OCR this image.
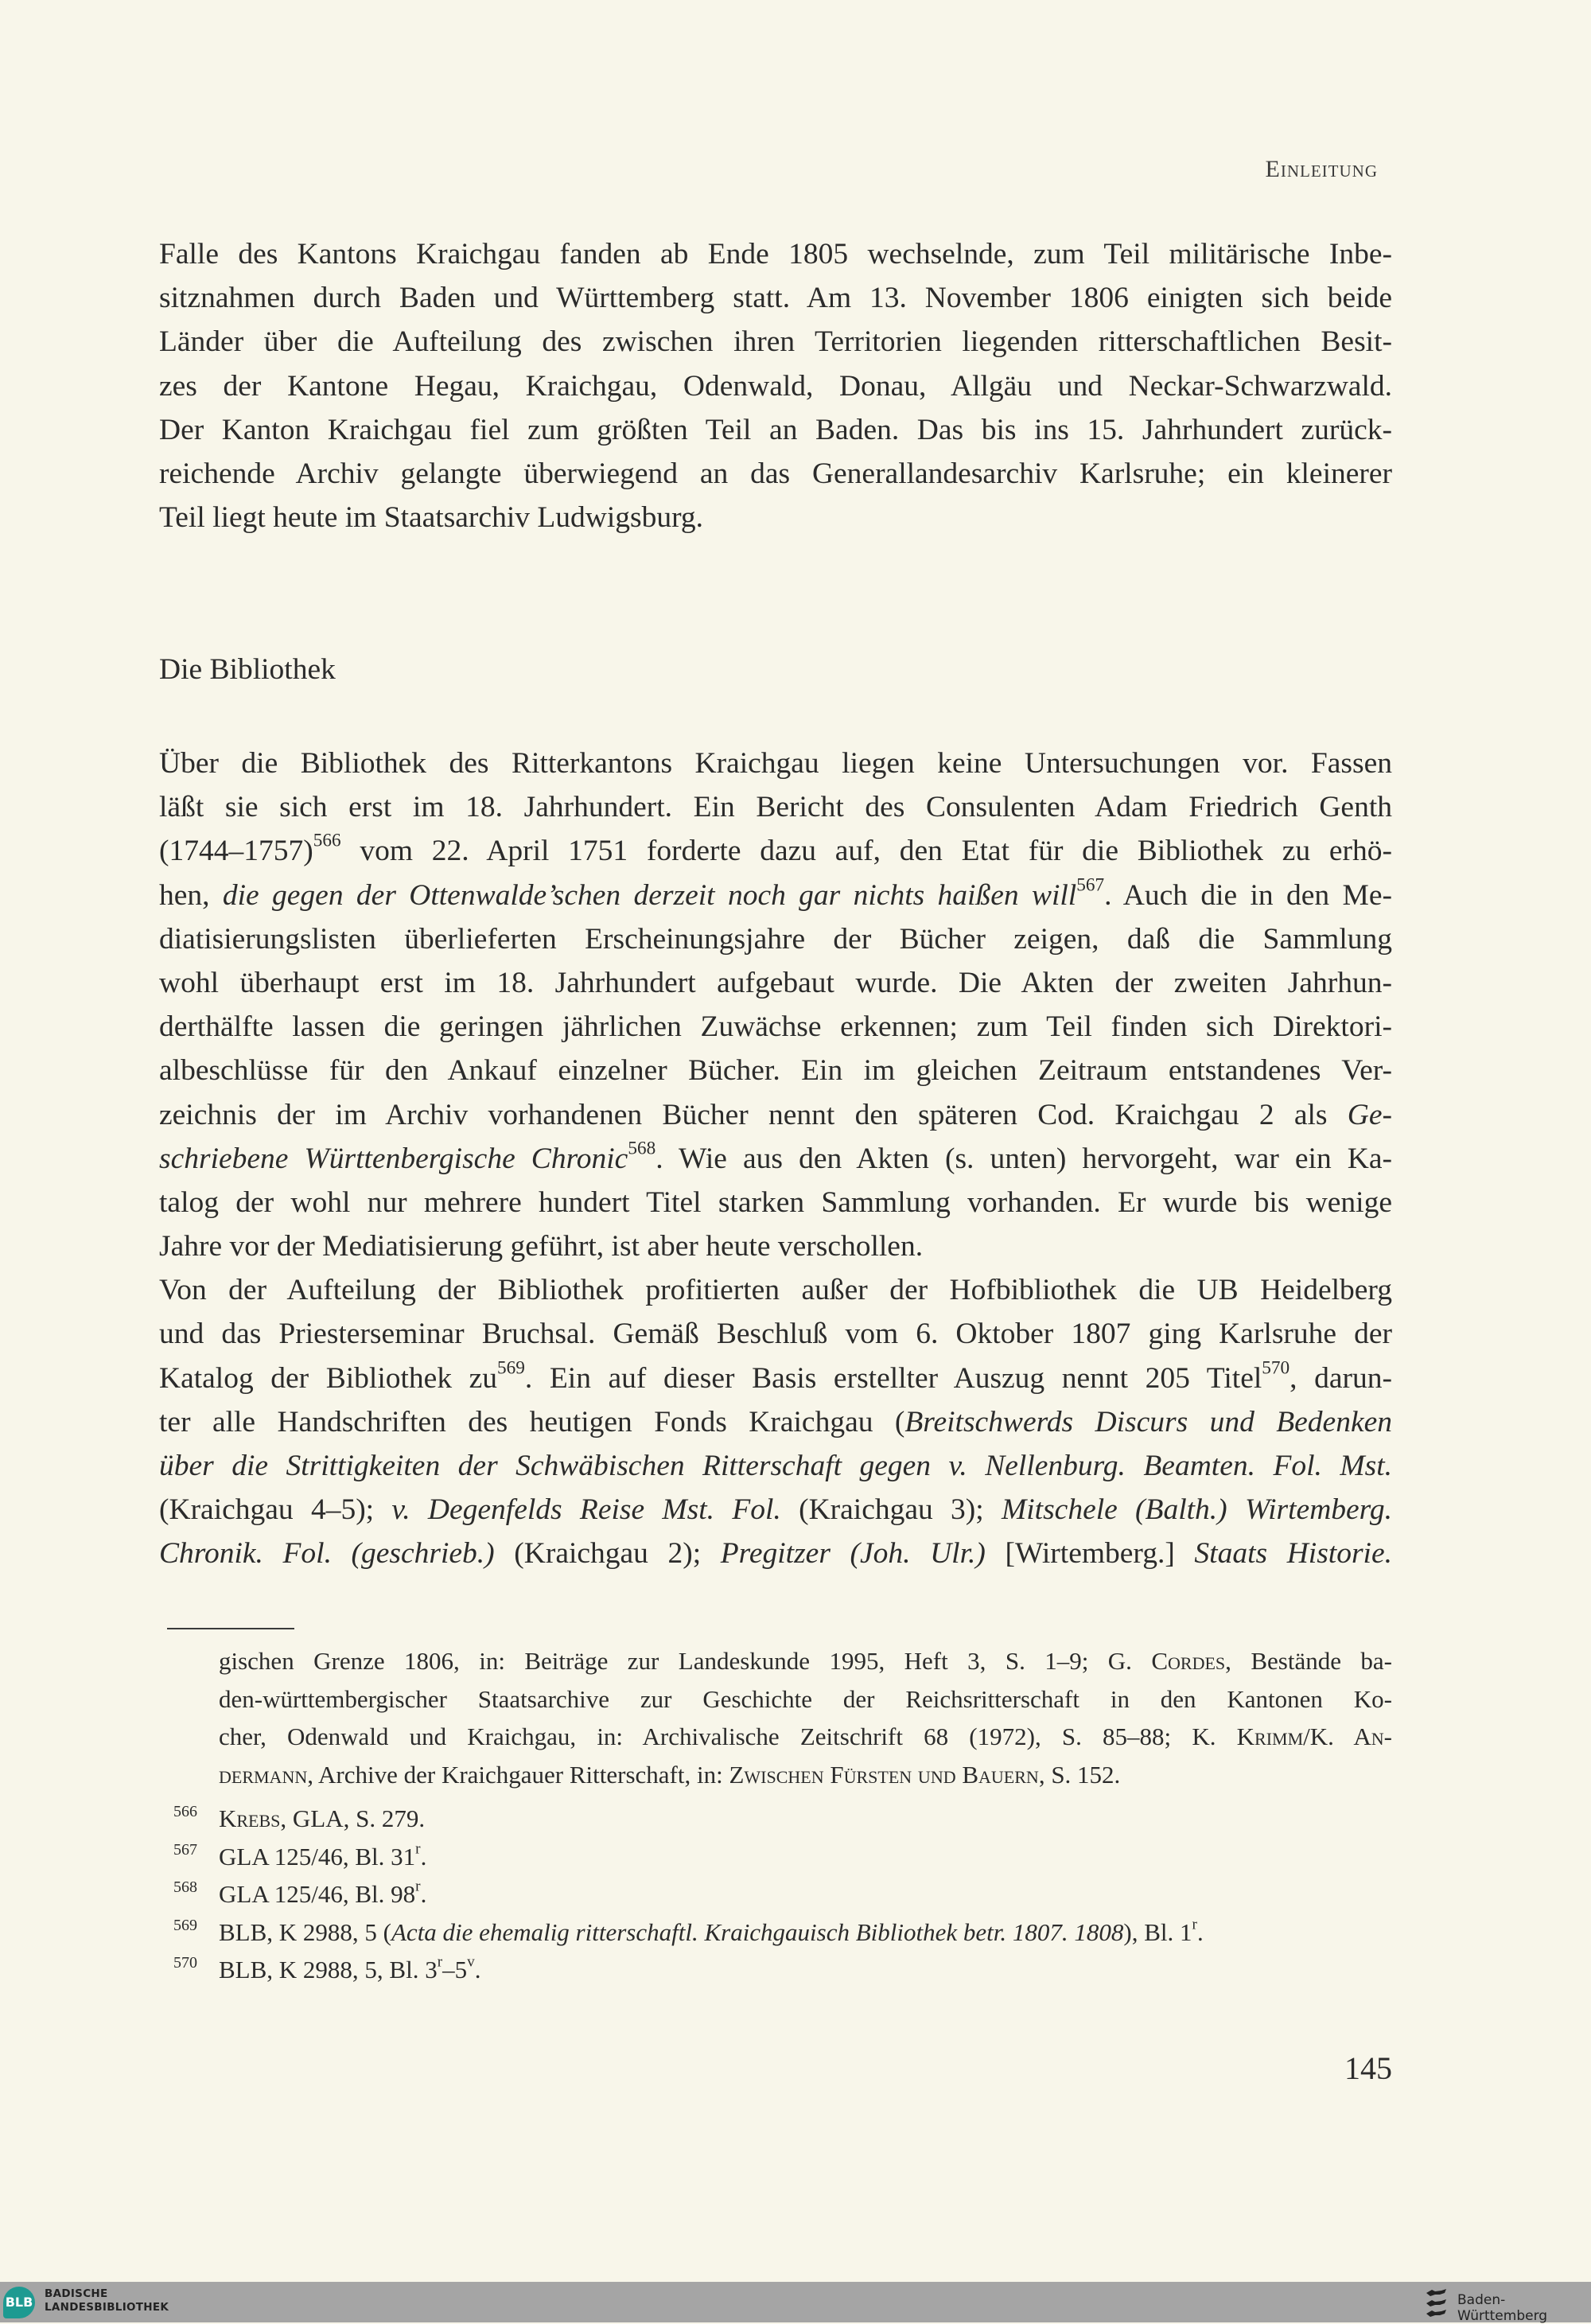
Einleitung
Falle des Kantons Kraichgau fanden ab Ende 1805 wechselnde, zum Teil militärische Inbe-
sitznahmen durch Baden und Württemberg statt. Am 13. November 1806 einigten sich beide
Länder über die Aufteilung des zwischen ihren Territorien liegenden ritterschaftlichen Besit-
zes der Kantone Hegau, Kraichgau, Odenwald, Donau, Allgäu und Neckar-Schwarzwald.
Der Kanton Kraichgau fiel zum größten Teil an Baden. Das bis ins 15. Jahrhundert zurück-
reichende Archiv gelangte überwiegend an das Generallandesarchiv Karlsruhe; ein kleinerer
Teil liegt heute im Staatsarchiv Ludwigsburg.
Die Bibliothek
Über die Bibliothek des Ritterkantons Kraichgau liegen keine Untersuchungen vor. Fassen
läßt sie sich erst im 18. Jahrhundert. Ein Bericht des Consulenten Adam Friedrich Genth
(1744–1757)$^{566}$ vom 22. April 1751 forderte dazu auf, den Etat für die Bibliothek zu erhö-
hen, die gegen der Ottenwalde’schen derzeit noch gar nichts haißen will$^{567}$. Auch die in den Me-
diatisierungslisten überlieferten Erscheinungsjahre der Bücher zeigen, daß die Sammlung
wohl überhaupt erst im 18. Jahrhundert aufgebaut wurde. Die Akten der zweiten Jahrhun-
derthälfte lassen die geringen jährlichen Zuwächse erkennen; zum Teil finden sich Direktori-
albeschlüsse für den Ankauf einzelner Bücher. Ein im gleichen Zeitraum entstandenes Ver-
zeichnis der im Archiv vorhandenen Bücher nennt den späteren Cod. Kraichgau 2 als Ge-
schriebene Württenbergische Chronic$^{568}$. Wie aus den Akten (s. unten) hervorgeht, war ein Ka-
talog der wohl nur mehrere hundert Titel starken Sammlung vorhanden. Er wurde bis wenige
Jahre vor der Mediatisierung geführt, ist aber heute verschollen.
Von der Aufteilung der Bibliothek profitierten außer der Hofbibliothek die UB Heidelberg
und das Priesterseminar Bruchsal. Gemäß Beschluß vom 6. Oktober 1807 ging Karlsruhe der
Katalog der Bibliothek $zu^{569}$. Ein auf dieser Basis erstellter Auszug nennt 205 Titel$^{570}$, darun-
ter alle Handschriften des heutigen Fonds Kraichgau (Breitschwerds Discurs und Bedenken
über die Strittigkeiten der Schwäbischen Ritterschaft gegen v. Nellenburg. Beamten. Fol. Mst.
(Kraichgau 4–5); v. Degenfelds Reise Mst. Fol. (Kraichgau 3); Mitschele (Balth.) Wirtemberg.
Chronik. Fol. (geschrieb.) (Kraichgau 2); Pregitzer (Joh. Ulr.) [Wirtemberg.] Staats Historie.
gischen Grenze 1806, in: Beiträge zur Landeskunde 1995, Heft 3, S. 1–9; G. Cordes, Bestände ba-
den-württembergischer Staatsarchive zur Geschichte der Reichsritterschaft in den Kantonen Ko-
cher, Odenwald und Kraichgau, in: Archivalische Zeitschrift 68 (1972), S. 85–88; K. Krimm/K. An-
dermann, Archive der Kraichgauer Ritterschaft, in: Zwischen Fürsten und Bauern, S. 152.
566 Krebs, GLA, S. 279.
567 GLA 125/46, Bl. 31$^r$.
568 GLA 125/46, Bl. 98$^r$.
569 BLB, K 2988, 5 (Acta die ehemalig ritterschaftl. Kraichgauisch Bibliothek betr. 1807. 1808), Bl. 1$^r$.
570 BLB, K 2988, 5, Bl. 3$^r$–5$^v$.
145
BLB
BADISCHE
LANDESBIBLIOTHEK	Baden-Württemberg
